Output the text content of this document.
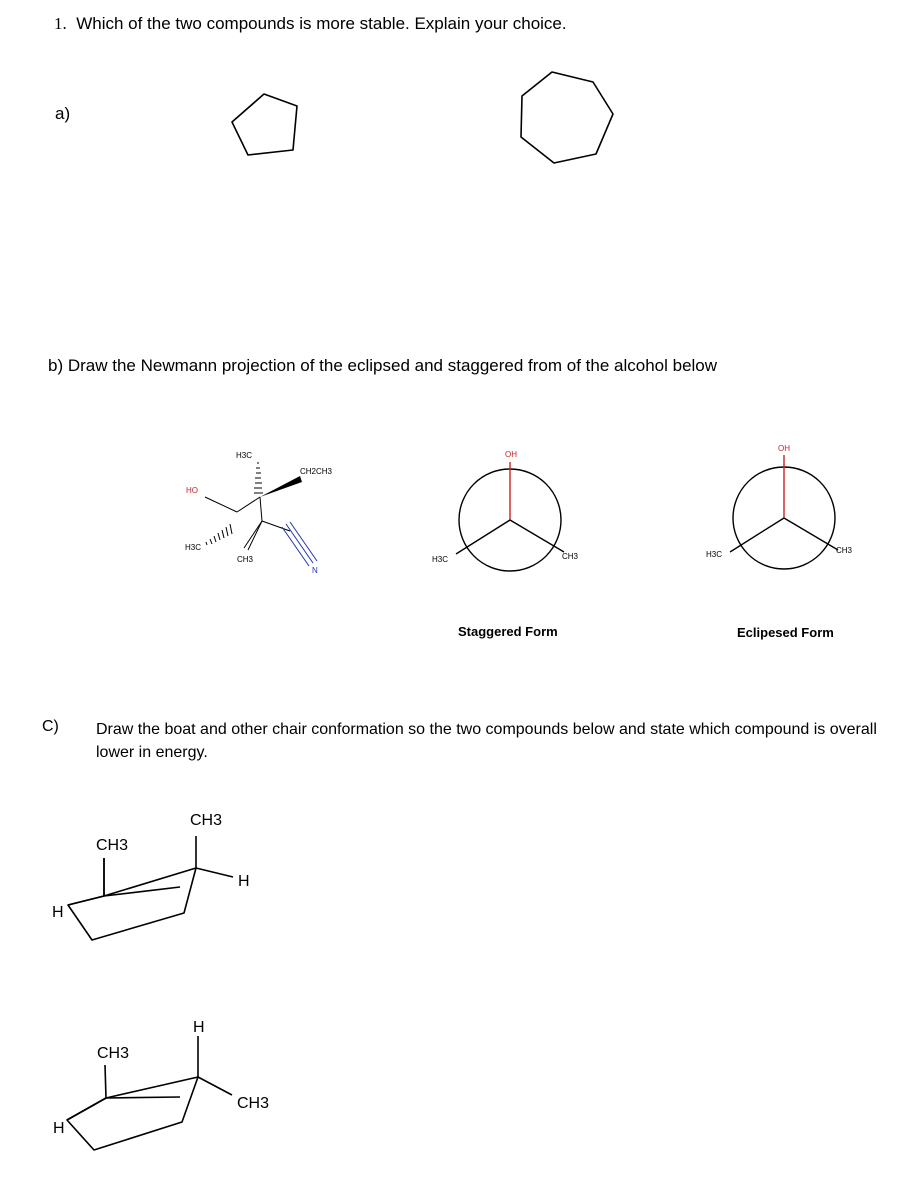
1. Which of the two compounds is more stable. Explain your choice.
a)
b) Draw the Newmann projection of the eclipsed and staggered from of the alcohol below
Staggered Form	Eclipesed Form
C) Draw the boat and other chair conformation so the two compounds below and state which compound is overall lower in energy.
H3C
CH2CH3
HO
H3C
CH3
N
OH
H3C	CH3
OH
H3C	CH3
CH3
CH3
H
H
H
CH3
CH3
H
